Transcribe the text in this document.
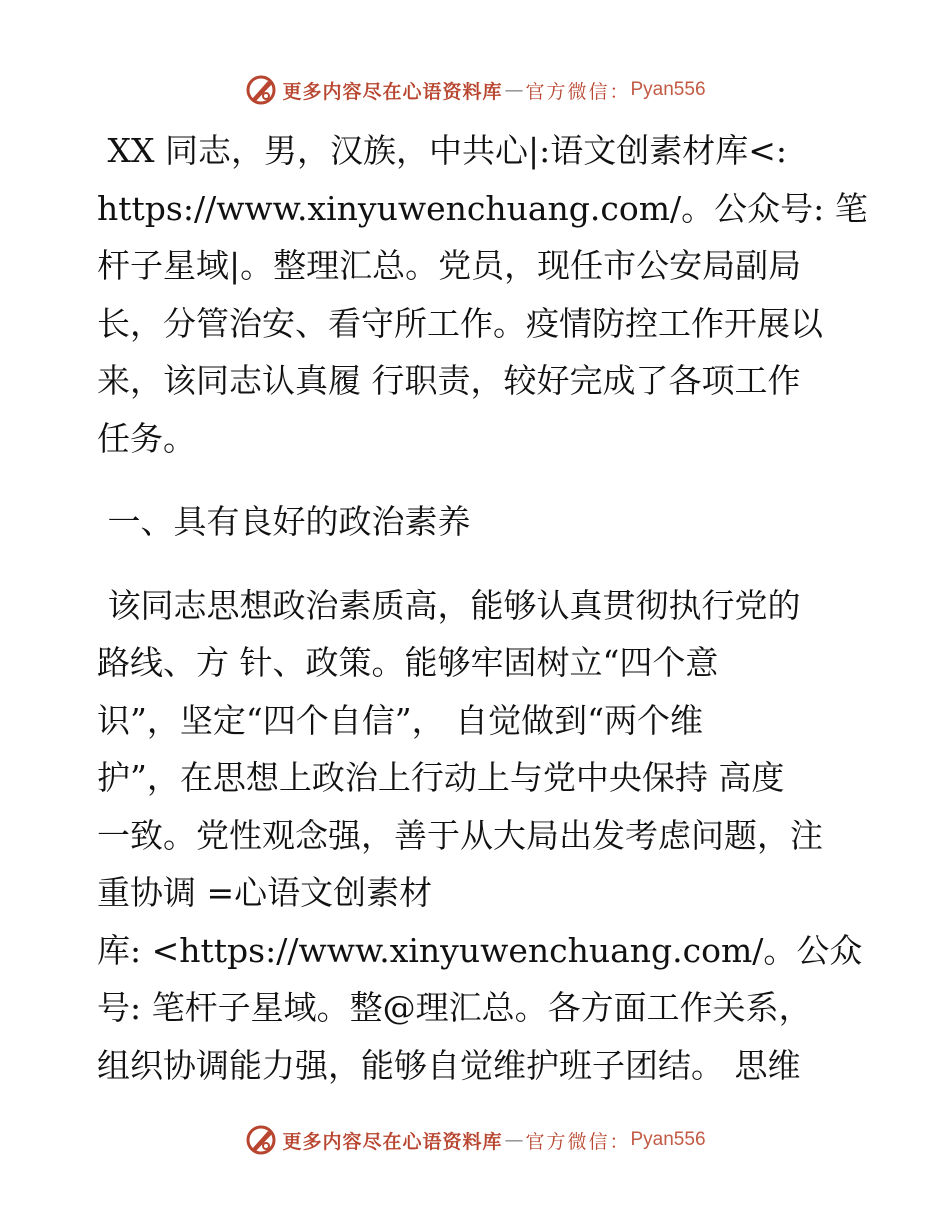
更多内容尽在心语资料库 — 官方微信： Pyan556
XX 同志，男，汉族，中共心|:语文创素材库<:
https://www.xinyuwenchuang.com/。公众号: 笔
杆子星域|。整理汇总。党员，现任市公安局副局
长，分管治安、看守所工作。疫情防控工作开展以
来，该同志认真履 行职责，较好完成了各项工作
任务。
一、具有良好的政治素养
该同志思想政治素质高，能够认真贯彻执行党的
路线、方 针、政策。能够牢固树立“四个意
识”，坚定“四个自信”， 自觉做到“两个维
护”，在思想上政治上行动上与党中央保持 高度
一致。党性观念强，善于从大局出发考虑问题，注
重协调 =心语文创素材
库: <https://www.xinyuwenchuang.com/。公众
号: 笔杆子星域。整@理汇总。各方面工作关系，
组织协调能力强，能够自觉维护班子团结。 思维
更多内容尽在心语资料库 — 官方微信： Pyan556
